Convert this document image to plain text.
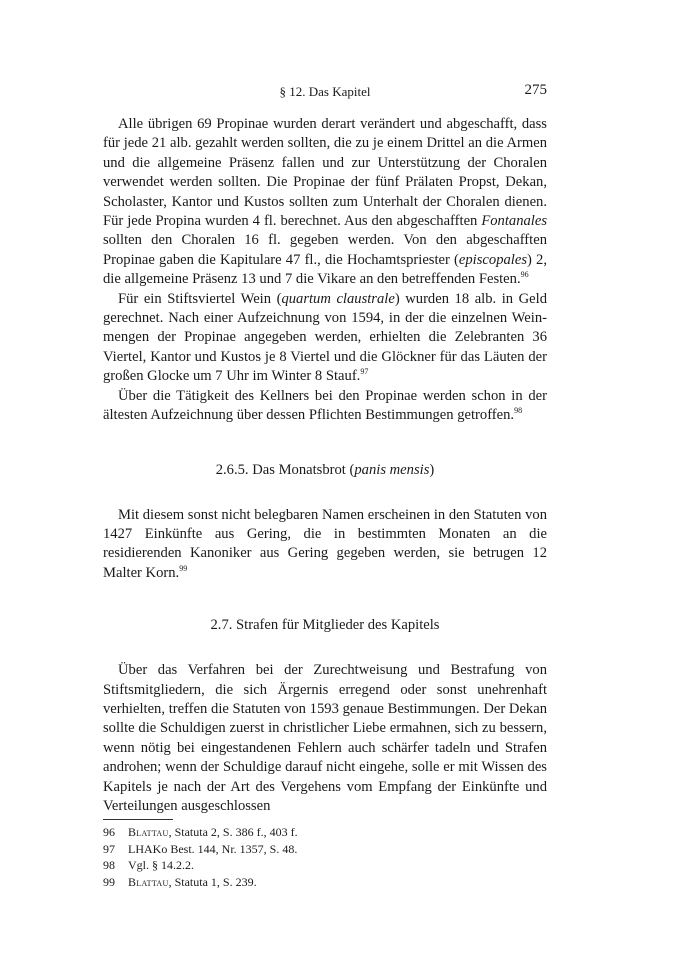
§ 12. Das Kapitel	275

Alle übrigen 69 Propinae wurden derart verändert und abgeschafft, dass für jede 21 alb. gezahlt werden sollten, die zu je einem Drittel an die Armen und die allgemeine Präsenz fallen und zur Unterstützung der Choralen verwendet werden sollten. Die Propinae der fünf Prälaten Propst, Dekan, Scholaster, Kantor und Kustos sollten zum Unterhalt der Choralen dienen. Für jede Propina wurden 4 fl. berechnet. Aus den abgeschafften Fontanales sollten den Choralen 16 fl. gegeben werden. Von den abgeschafften Propinae gaben die Kapitulare 47 fl., die Hochamtspriester (episcopales) 2, die allgemeine Präsenz 13 und 7 die Vikare an den betreffenden Festen.$^{96}$

Für ein Stiftsviertel Wein (quartum claustrale) wurden 18 alb. in Geld gerechnet. Nach einer Aufzeichnung von 1594, in der die einzelnen Weinmengen der Propinae angegeben werden, erhielten die Zelebranten 36 Viertel, Kantor und Kustos je 8 Viertel und die Glöckner für das Läuten der großen Glocke um 7 Uhr im Winter 8 Stauf.$^{97}$

Über die Tätigkeit des Kellners bei den Propinae werden schon in der ältesten Aufzeichnung über dessen Pflichten Bestimmungen getroffen.$^{98}$

2.6.5. Das Monatsbrot (panis mensis)

Mit diesem sonst nicht belegbaren Namen erscheinen in den Statuten von 1427 Einkünfte aus Gering, die in bestimmten Monaten an die residierenden Kanoniker aus Gering gegeben werden, sie betrugen 12 Malter Korn.$^{99}$

2.7. Strafen für Mitglieder des Kapitels

Über das Verfahren bei der Zurechtweisung und Bestrafung von Stiftsmitgliedern, die sich Ärgernis erregend oder sonst unehrenhaft verhielten, treffen die Statuten von 1593 genaue Bestimmungen. Der Dekan sollte die Schuldigen zuerst in christlicher Liebe ermahnen, sich zu bessern, wenn nötig bei eingestandenen Fehlern auch schärfer tadeln und Strafen androhen; wenn der Schuldige darauf nicht eingehe, solle er mit Wissen des Kapitels je nach der Art des Vergehens vom Empfang der Einkünfte und Verteilungen ausgeschlossen

96	Blattau, Statuta 2, S. 386 f., 403 f.
97	LHAKo Best. 144, Nr. 1357, S. 48.
98	Vgl. § 14.2.2.
99	Blattau, Statuta 1, S. 239.
